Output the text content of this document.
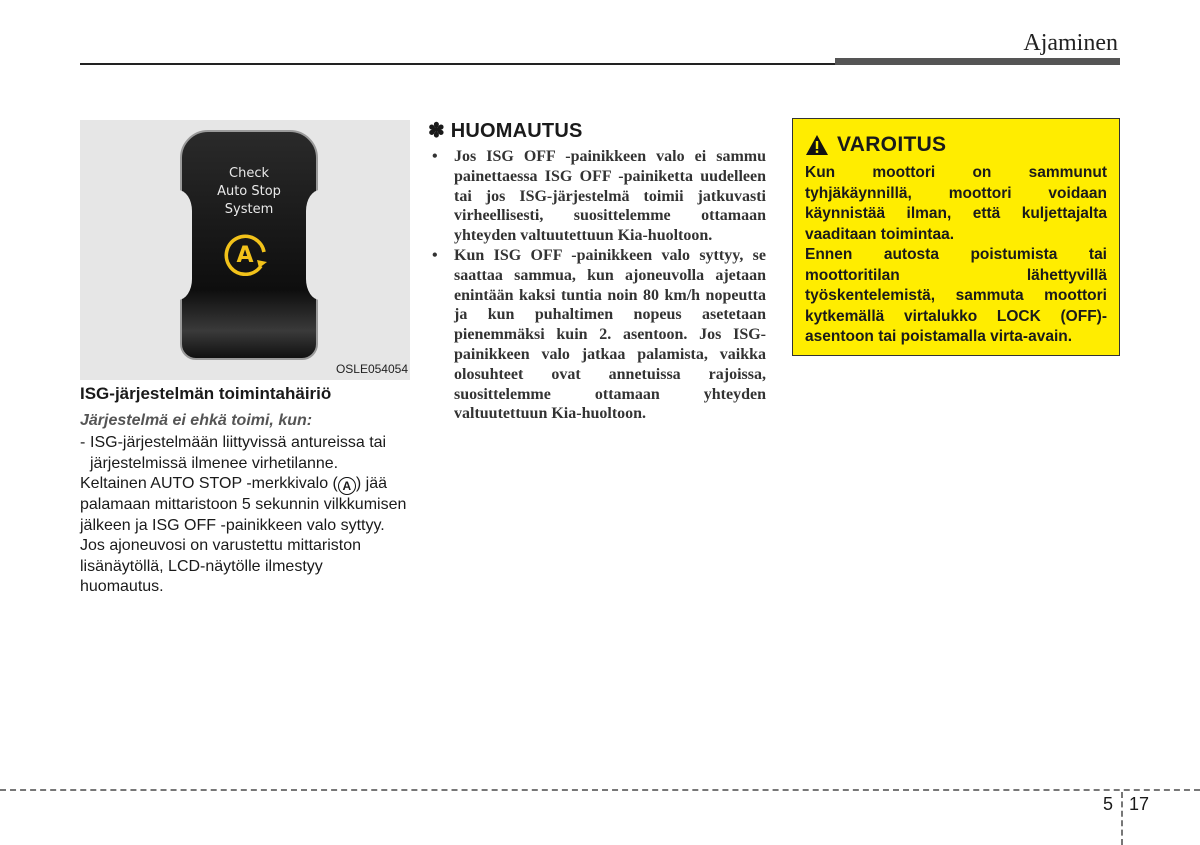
Ajaminen
Check
Auto Stop
System
A
OSLE054054
ISG-järjestelmän toimintahäiriö
Järjestelmä ei ehkä toimi, kun:
- ISG-järjestelmään liittyvissä antureissa tai järjestelmissä ilmenee virhetilanne.

Keltainen AUTO STOP -merkkivalo ( A ) jää palamaan mittaristoon 5 sekunnin vilkkumisen jälkeen ja ISG OFF -painikkeen valo syttyy. Jos ajoneuvosi on varustettu mittariston lisänäytöllä, LCD-näytölle ilmestyy huomautus.

✽ HUOMAUTUS
•	Jos ISG OFF -painikkeen valo ei sammu painettaessa ISG OFF -painiketta uudelleen tai jos ISG-järjestelmä toimii jatkuvasti virheellisesti, suosittelemme ottamaan yhteyden valtuutettuun Kia-huoltoon.
•	Kun ISG OFF -painikkeen valo syttyy, se saattaa sammua, kun ajoneuvolla ajetaan enintään kaksi tuntia noin 80 km/h nopeutta ja kun puhaltimen nopeus asetetaan pienemmäksi kuin 2. asentoon. Jos ISG-painikkeen valo jatkaa palamista, vaikka olosuhteet ovat annetuissa rajoissa, suosittelemme ottamaan yhteyden valtuutettuun Kia-huoltoon.
VAROITUS

Kun moottori on sammunut tyhjäkäynnillä, moottori voidaan käynnistää ilman, että kuljettajalta vaaditaan toimintaa.

Ennen autosta poistumista tai moottoritilan lähettyvillä työskentelemistä, sammuta moottori kytkemällä virtalukko LOCK (OFF)-asentoon tai poistamalla virta-avain.

5 17
